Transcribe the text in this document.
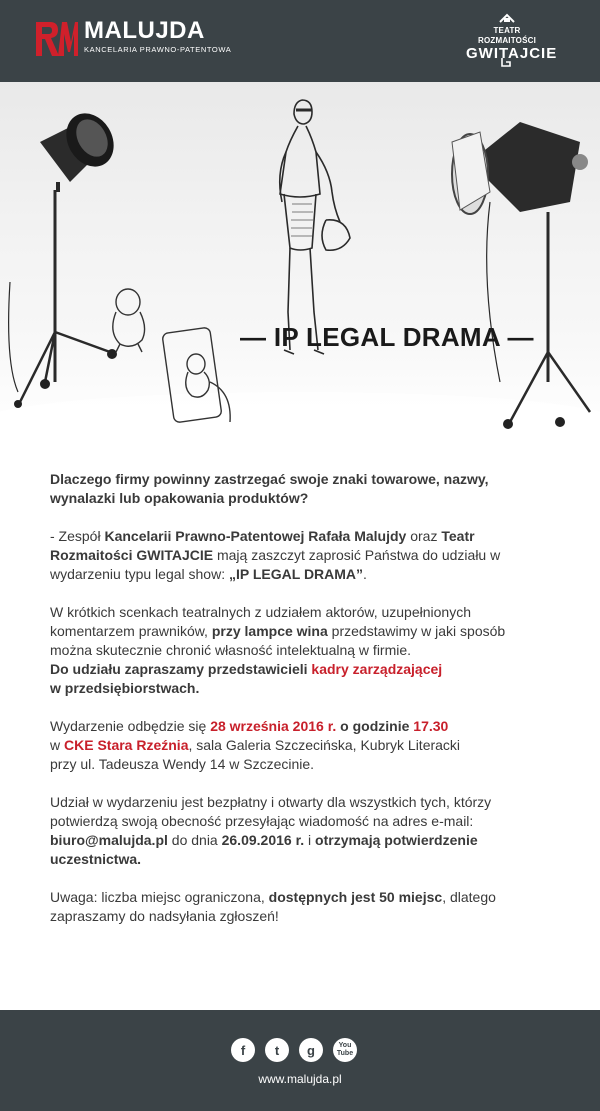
MALUJDA
KANCELARIA PRAWNO-PATENTOWA
TEATR ROZMAITOŚCI
GWITAJCIE
— IP LEGAL DRAMA —

Dlaczego firmy powinny zastrzegać swoje znaki towarowe, nazwy, wynalazki lub opakowania produktów?

- Zespół Kancelarii Prawno-Patentowej Rafała Malujdy oraz Teatr Rozmaitości GWITAJCIE mają zaszczyt zaprosić Państwa do udziału w wydarzeniu typu legal show: „IP LEGAL DRAMA”.

W krótkich scenkach teatralnych z udziałem aktorów, uzupełnionych komentarzem prawników, przy lampce wina przedstawimy w jaki sposób można skutecznie chronić własność intelektualną w firmie.
Do udziału zapraszamy przedstawicieli kadry zarządzającej
w przedsiębiorstwach.

Wydarzenie odbędzie się 28 września 2016 r. o godzinie 17.30
w CKE Stara Rzeźnia, sala Galeria Szczecińska, Kubryk Literacki
przy ul. Tadeusza Wendy 14 w Szczecinie.

Udział w wydarzeniu jest bezpłatny i otwarty dla wszystkich tych, którzy potwierdzą swoją obecność przesyłając wiadomość na adres e-mail: biuro@malujda.pl do dnia 26.09.2016 r. i otrzymają potwierdzenie uczestnictwa.

Uwaga: liczba miejsc ograniczona, dostępnych jest 50 miejsc, dlatego zapraszamy do nadsyłania zgłoszeń!

f	t	g	You Tube
www.malujda.pl
